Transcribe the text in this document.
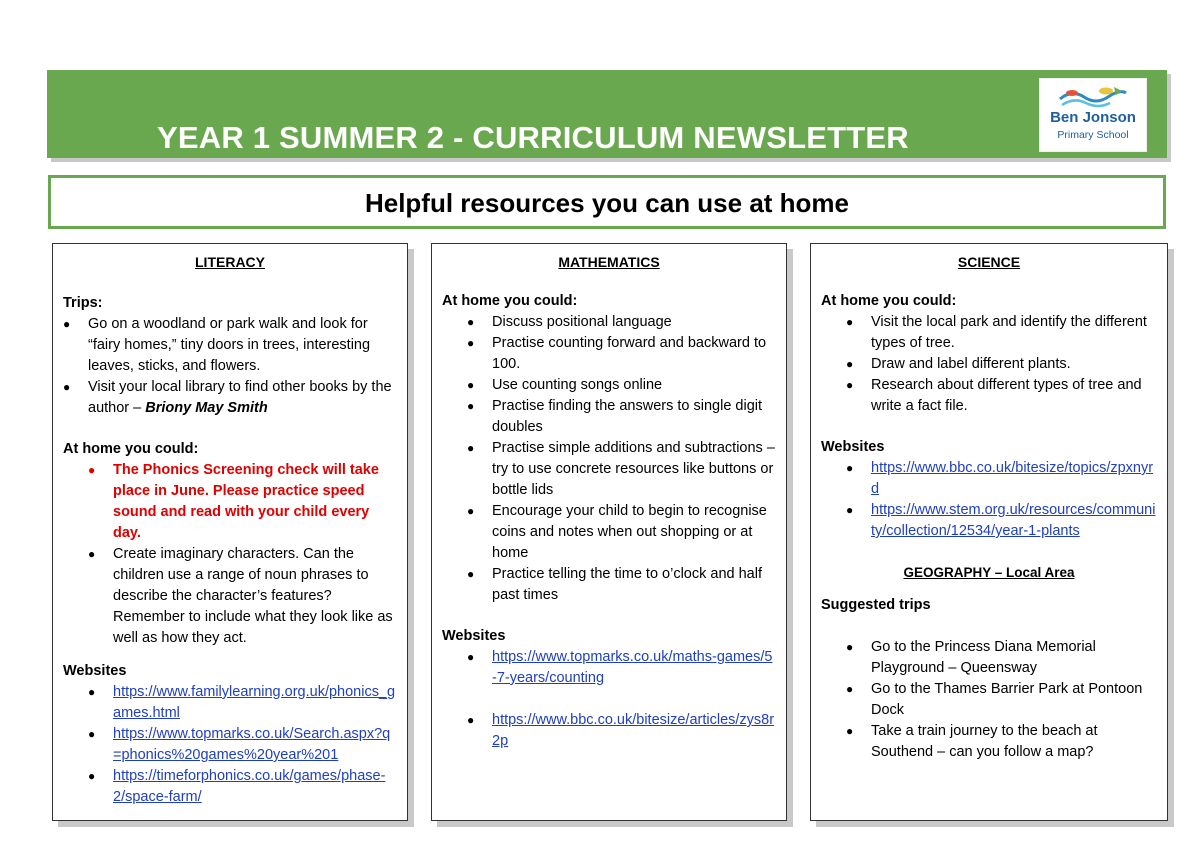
YEAR 1 SUMMER 2 - CURRICULUM NEWSLETTER
Ben Jonson
Primary School
Helpful resources you can use at home
LITERACY
Trips:
● Go on a woodland or park walk and look for “fairy homes,” tiny doors in trees, interesting leaves, sticks, and flowers.
● Visit your local library to find other books by the author – Briony May Smith
At home you could:
● The Phonics Screening check will take place in June. Please practice speed sound and read with your child every day.
● Create imaginary characters. Can the children use a range of noun phrases to describe the character’s features? Remember to include what they look like as well as how they act.
Websites
● https://www.familylearning.org.uk/phonics_games.html
● https://www.topmarks.co.uk/Search.aspx?q=phonics%20games%20year%201
● https://timeforphonics.co.uk/games/phase-2/space-farm/
MATHEMATICS
At home you could:
● Discuss positional language
● Practise counting forward and backward to 100.
● Use counting songs online
● Practise finding the answers to single digit doubles
● Practise simple additions and subtractions – try to use concrete resources like buttons or bottle lids
● Encourage your child to begin to recognise coins and notes when out shopping or at home
● Practice telling the time to o’clock and half past times
Websites
● https://www.topmarks.co.uk/maths-games/5-7-years/counting
● https://www.bbc.co.uk/bitesize/articles/zys8r2p
SCIENCE
At home you could:
● Visit the local park and identify the different types of tree.
● Draw and label different plants.
● Research about different types of tree and write a fact file.
Websites
● https://www.bbc.co.uk/bitesize/topics/zpxnyrd
● https://www.stem.org.uk/resources/community/collection/12534/year-1-plants
GEOGRAPHY – Local Area
Suggested trips
● Go to the Princess Diana Memorial Playground – Queensway
● Go to the Thames Barrier Park at Pontoon Dock
● Take a train journey to the beach at Southend – can you follow a map?
